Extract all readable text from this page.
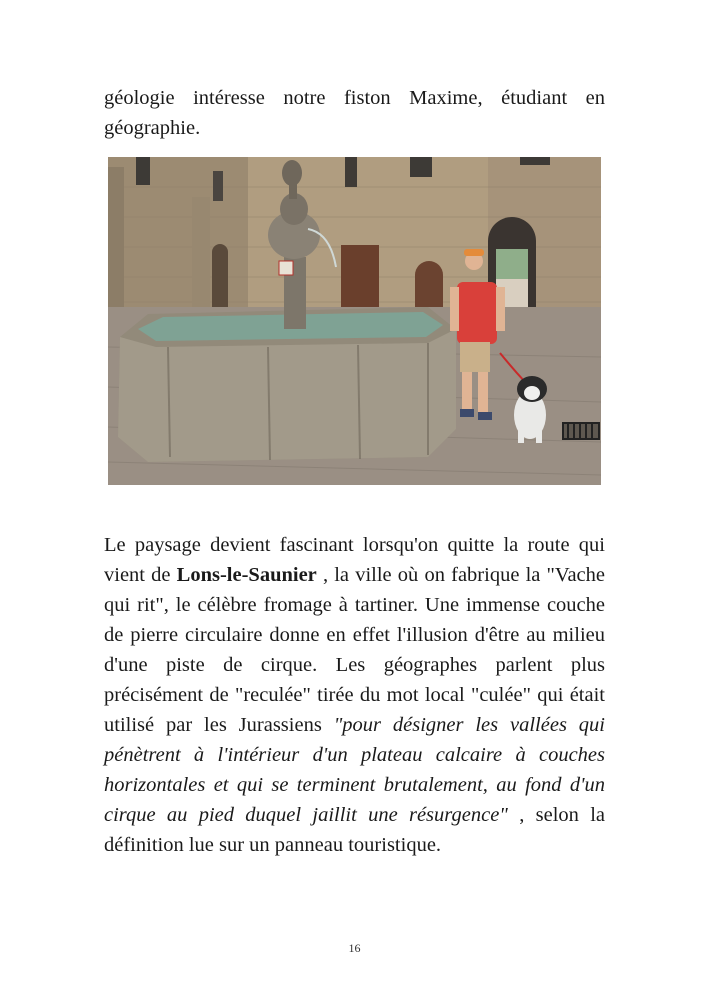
géologie intéresse notre fiston Maxime, étudiant en géographie.

Le paysage devient fascinant lorsqu'on quitte la route qui vient de Lons-le-Saunier , la ville où on fabrique la "Vache qui rit", le célèbre fromage à tartiner. Une immense couche de pierre circulaire donne en effet l'illusion d'être au milieu d'une piste de cirque. Les géographes parlent plus précisément de "reculée" tirée du mot local "culée" qui était utilisé par les Jurassiens "pour désigner les vallées qui pénètrent à l'intérieur d'un plateau calcaire à couches horizontales et qui se terminent brutalement, au fond d'un cirque au pied duquel jaillit une résurgence" , selon la définition lue sur un panneau touristique.

16
